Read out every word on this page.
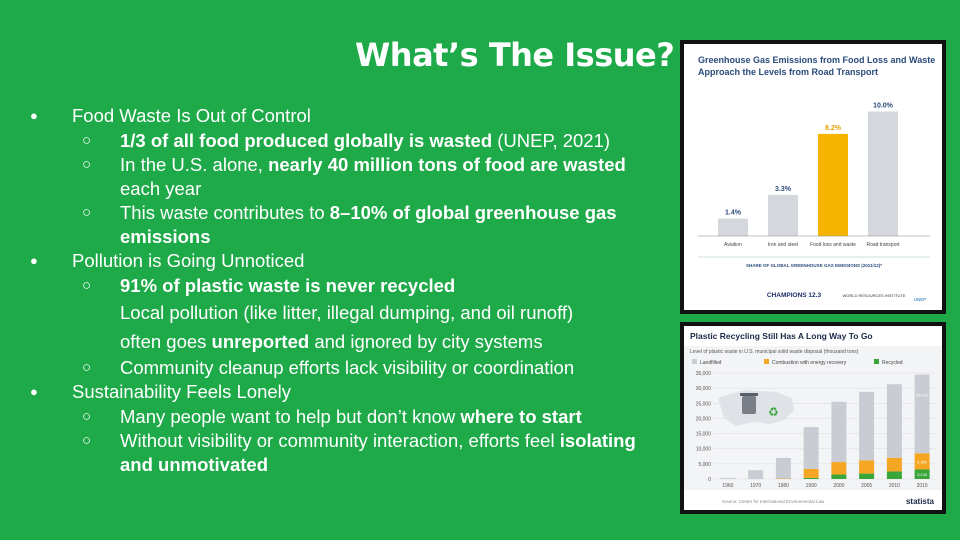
What’s The Issue?
● Food Waste Is Out of Control
○ 1/3 of all food produced globally is wasted (UNEP, 2021)
○ In the U.S. alone, nearly 40 million tons of food are wasted each year
○ This waste contributes to 8–10% of global greenhouse gas emissions
● Pollution is Going Unnoticed
○ 91% of plastic waste is never recycled
Local pollution (like litter, illegal dumping, and oil runoff)
often goes unreported and ignored by city systems
○ Community cleanup efforts lack visibility or coordination
● Sustainability Feels Lonely
○ Many people want to help but don’t know where to start
○ Without visibility or community interaction, efforts feel isolating and unmotivated
Greenhouse Gas Emissions from Food Loss and Waste Approach the Levels from Road Transport
1.4%
Aviation
3.3%
Iron and steel
8.2%
Food loss and waste
10.0%
Road transport
SHARE OF GLOBAL GREENHOUSE GAS EMISSIONS (2011/12)*
CHAMPIONS 12.3	WORLD RESOURCES INSTITUTE
UNEP
Plastic Recycling Still Has A Long Way To Go
Level of plastic waste in U.S. municipal solid waste disposal (thousand tons)
Landfilled	Combustion with energy recovery	Recycled
0
5,000
10,000
15,000
20,000
25,000
30,000
35,000
1960	1970	1980	1990	2000	2005	2010	2015
26,010
5,350
3,140
♻
Source: Center for International Environmental Law	statista
